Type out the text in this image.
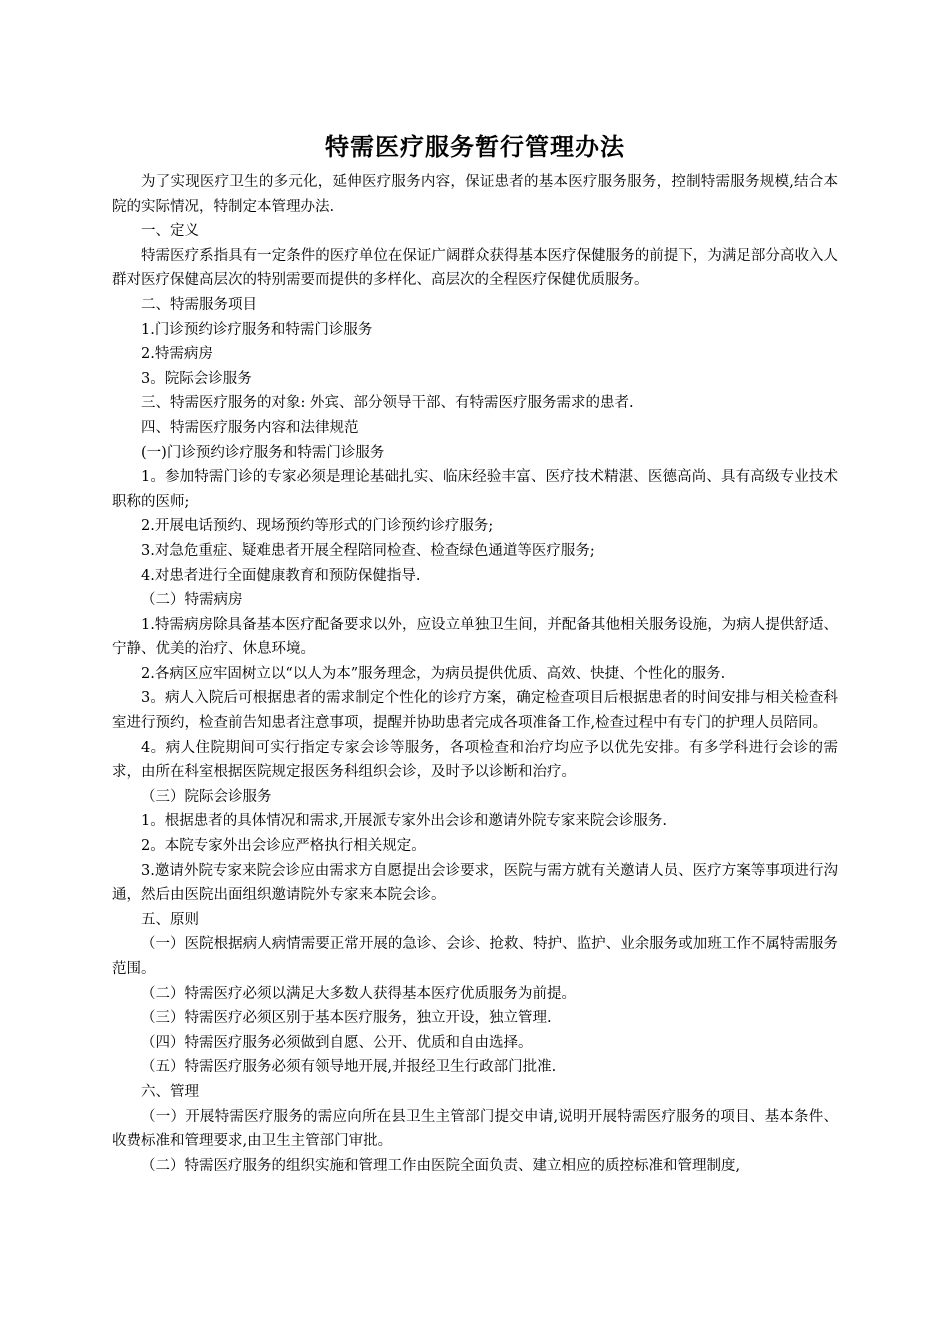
特需医疗服务暂行管理办法

为了实现医疗卫生的多元化，延伸医疗服务内容，保证患者的基本医疗服务服务，控制特需服务规模,结合本院的实际情况，特制定本管理办法.

一、定义

特需医疗系指具有一定条件的医疗单位在保证广阔群众获得基本医疗保健服务的前提下，为满足部分高收入人群对医疗保健高层次的特别需要而提供的多样化、高层次的全程医疗保健优质服务。

二、特需服务项目

1.门诊预约诊疗服务和特需门诊服务

2.特需病房

3。院际会诊服务

三、特需医疗服务的对象: 外宾、部分领导干部、有特需医疗服务需求的患者.

四、特需医疗服务内容和法律规范

(一)门诊预约诊疗服务和特需门诊服务

1。参加特需门诊的专家必须是理论基础扎实、临床经验丰富、医疗技术精湛、医德高尚、具有高级专业技术职称的医师;

2.开展电话预约、现场预约等形式的门诊预约诊疗服务;

3.对急危重症、疑难患者开展全程陪同检查、检查绿色通道等医疗服务;

4.对患者进行全面健康教育和预防保健指导.

（二）特需病房

1.特需病房除具备基本医疗配备要求以外，应设立单独卫生间，并配备其他相关服务设施，为病人提供舒适、宁静、优美的治疗、休息环境。

2.各病区应牢固树立以“以人为本”服务理念，为病员提供优质、高效、快捷、个性化的服务.

3。病人入院后可根据患者的需求制定个性化的诊疗方案，确定检查项目后根据患者的时间安排与相关检查科室进行预约，检查前告知患者注意事项，提醒并协助患者完成各项准备工作,检查过程中有专门的护理人员陪同。

4。病人住院期间可实行指定专家会诊等服务，各项检查和治疗均应予以优先安排。有多学科进行会诊的需求，由所在科室根据医院规定报医务科组织会诊，及时予以诊断和治疗。

（三）院际会诊服务

1。根据患者的具体情况和需求,开展派专家外出会诊和邀请外院专家来院会诊服务.

2。本院专家外出会诊应严格执行相关规定。

3.邀请外院专家来院会诊应由需求方自愿提出会诊要求，医院与需方就有关邀请人员、医疗方案等事项进行沟通，然后由医院出面组织邀请院外专家来本院会诊。

五、原则

（一）医院根据病人病情需要正常开展的急诊、会诊、抢救、特护、监护、业余服务或加班工作不属特需服务范围。

（二）特需医疗必须以满足大多数人获得基本医疗优质服务为前提。

（三）特需医疗必须区别于基本医疗服务，独立开设，独立管理.

（四）特需医疗服务必须做到自愿、公开、优质和自由选择。

（五）特需医疗服务必须有领导地开展,并报经卫生行政部门批准.

六、管理

（一）开展特需医疗服务的需应向所在县卫生主管部门提交申请,说明开展特需医疗服务的项目、基本条件、收费标准和管理要求,由卫生主管部门审批。

（二）特需医疗服务的组织实施和管理工作由医院全面负责、建立相应的质控标准和管理制度,
